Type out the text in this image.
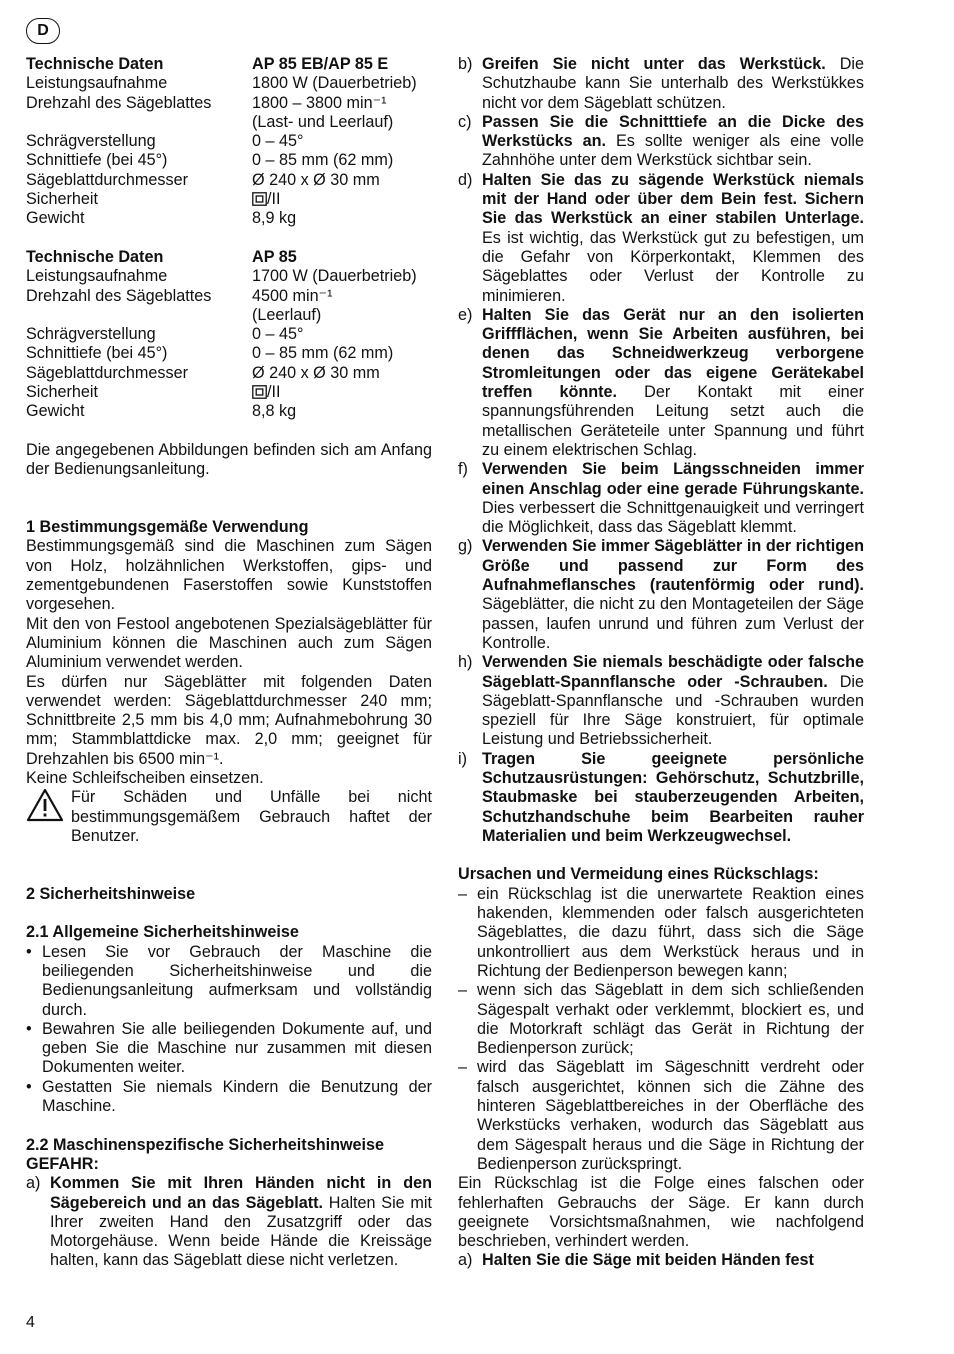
D
Technische Daten	AP 85 EB/AP 85 E
Leistungsaufnahme	1800 W (Dauerbetrieb)
Drehzahl des Sägeblattes	1800 – 3800 min⁻¹
(Last- und Leerlauf)
Schrägverstellung	0 – 45°
Schnittiefe (bei 45°)	0 – 85 mm (62 mm)
Sägeblattdurchmesser	Ø 240 x Ø 30 mm
Sicherheit	/II
Gewicht	8,9 kg
Technische Daten	AP 85
Leistungsaufnahme	1700 W (Dauerbetrieb)
Drehzahl des Sägeblattes	4500 min⁻¹
(Leerlauf)
Schrägverstellung	0 – 45°
Schnittiefe (bei 45°)	0 – 85 mm (62 mm)
Sägeblattdurchmesser	Ø 240 x Ø 30 mm
Sicherheit	/II
Gewicht	8,8 kg
Die angegebenen Abbildungen befinden sich am Anfang der Bedienungsanleitung.
1 Bestimmungsgemäße Verwendung
Bestimmungsgemäß sind die Maschinen zum Sägen von Holz, holzähnlichen Werkstoffen, gips- und zementgebundenen Faserstoffen sowie Kunststoffen vorgesehen.
Mit den von Festool angebotenen Spezialsägeblätter für Aluminium können die Maschinen auch zum Sägen Aluminium verwendet werden.
Es dürfen nur Sägeblätter mit folgenden Daten verwendet werden: Sägeblattdurchmesser 240 mm; Schnittbreite 2,5 mm bis 4,0 mm; Aufnahmebohrung 30 mm; Stammblattdicke max. 2,0 mm; geeignet für Drehzahlen bis 6500 min⁻¹.
Keine Schleifscheiben einsetzen.
Für Schäden und Unfälle bei nicht bestimmungsgemäßem Gebrauch haftet der Benutzer.
2 Sicherheitshinweise
2.1 Allgemeine Sicherheitshinweise
• Lesen Sie vor Gebrauch der Maschine die beiliegenden Sicherheitshinweise und die Bedienungsanleitung aufmerksam und vollständig durch.
• Bewahren Sie alle beiliegenden Dokumente auf, und geben Sie die Maschine nur zusammen mit diesen Dokumenten weiter.
• Gestatten Sie niemals Kindern die Benutzung der Maschine.
2.2 Maschinenspezifische Sicherheitshinweise
GEFAHR:
a) Kommen Sie mit Ihren Händen nicht in den Sägebereich und an das Sägeblatt. Halten Sie mit Ihrer zweiten Hand den Zusatzgriff oder das Motorgehäuse. Wenn beide Hände die Kreissäge halten, kann das Sägeblatt diese nicht verletzen.
b) Greifen Sie nicht unter das Werkstück. Die Schutzhaube kann Sie unterhalb des Werkstükkes nicht vor dem Sägeblatt schützen.
c) Passen Sie die Schnitttiefe an die Dicke des Werkstücks an. Es sollte weniger als eine volle Zahnhöhe unter dem Werkstück sichtbar sein.
d) Halten Sie das zu sägende Werkstück niemals mit der Hand oder über dem Bein fest. Sichern Sie das Werkstück an einer stabilen Unterlage. Es ist wichtig, das Werkstück gut zu befestigen, um die Gefahr von Körperkontakt, Klemmen des Sägeblattes oder Verlust der Kontrolle zu minimieren.
e) Halten Sie das Gerät nur an den isolierten Griffflächen, wenn Sie Arbeiten ausführen, bei denen das Schneidwerkzeug verborgene Stromleitungen oder das eigene Gerätekabel treffen könnte. Der Kontakt mit einer spannungsführenden Leitung setzt auch die metallischen Geräteteile unter Spannung und führt zu einem elektrischen Schlag.
f) Verwenden Sie beim Längsschneiden immer einen Anschlag oder eine gerade Führungskante. Dies verbessert die Schnittgenauigkeit und verringert die Möglichkeit, dass das Sägeblatt klemmt.
g) Verwenden Sie immer Sägeblätter in der richtigen Größe und passend zur Form des Aufnahmeflansches (rautenförmig oder rund). Sägeblätter, die nicht zu den Montageteilen der Säge passen, laufen unrund und führen zum Verlust der Kontrolle.
h) Verwenden Sie niemals beschädigte oder falsche Sägeblatt-Spannflansche oder -Schrauben. Die Sägeblatt-Spannflansche und -Schrauben wurden speziell für Ihre Säge konstruiert, für optimale Leistung und Betriebssicherheit.
i) Tragen Sie geeignete persönliche Schutzausrüstungen: Gehörschutz, Schutzbrille, Staubmaske bei stauberzeugenden Arbeiten, Schutzhandschuhe beim Bearbeiten rauher Materialien und beim Werkzeugwechsel.
Ursachen und Vermeidung eines Rückschlags:
– ein Rückschlag ist die unerwartete Reaktion eines hakenden, klemmenden oder falsch ausgerichteten Sägeblattes, die dazu führt, dass sich die Säge unkontrolliert aus dem Werkstück heraus und in Richtung der Bedienperson bewegen kann;
– wenn sich das Sägeblatt in dem sich schließenden Sägespalt verhakt oder verklemmt, blockiert es, und die Motorkraft schlägt das Gerät in Richtung der Bedienperson zurück;
– wird das Sägeblatt im Sägeschnitt verdreht oder falsch ausgerichtet, können sich die Zähne des hinteren Sägeblattbereiches in der Oberfläche des Werkstücks verhaken, wodurch das Sägeblatt aus dem Sägespalt heraus und die Säge in Richtung der Bedienperson zurückspringt.
Ein Rückschlag ist die Folge eines falschen oder fehlerhaften Gebrauchs der Säge. Er kann durch geeignete Vorsichtsmaßnahmen, wie nachfolgend beschrieben, verhindert werden.
a) Halten Sie die Säge mit beiden Händen fest
4
